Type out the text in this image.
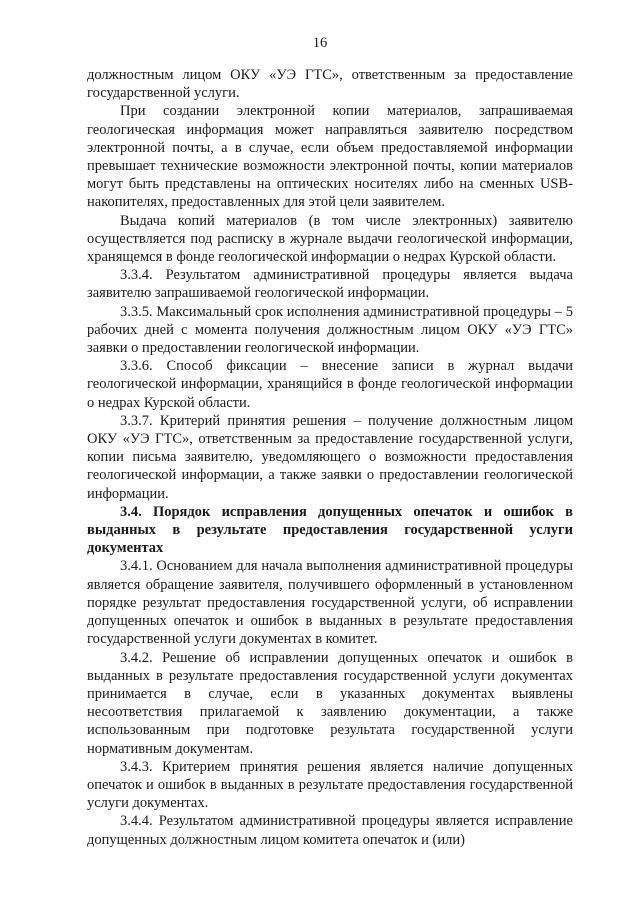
16

должностным лицом ОКУ «УЭ ГТС», ответственным за предоставление государственной услуги.

При создании электронной копии материалов, запрашиваемая геологическая информация может направляться заявителю посредством электронной почты, а в случае, если объем предоставляемой информации превышает технические возможности электронной почты, копии материалов могут быть представлены на оптических носителях либо на сменных USB-накопителях, предоставленных для этой цели заявителем.

Выдача копий материалов (в том числе электронных) заявителю осуществляется под расписку в журнале выдачи геологической информации, хранящемся в фонде геологической информации о недрах Курской области.

3.3.4. Результатом административной процедуры является выдача заявителю запрашиваемой геологической информации.

3.3.5. Максимальный срок исполнения административной процедуры – 5 рабочих дней с момента получения должностным лицом ОКУ «УЭ ГТС» заявки о предоставлении геологической информации.

3.3.6. Способ фиксации – внесение записи в журнал выдачи геологической информации, хранящийся в фонде геологической информации о недрах Курской области.

3.3.7. Критерий принятия решения – получение должностным лицом ОКУ «УЭ ГТС», ответственным за предоставление государственной услуги, копии письма заявителю, уведомляющего о возможности предоставления геологической информации, а также заявки о предоставлении геологической информации.

3.4. Порядок исправления допущенных опечаток и ошибок в выданных в результате предоставления государственной услуги документах

3.4.1. Основанием для начала выполнения административной процедуры является обращение заявителя, получившего оформленный в установленном порядке результат предоставления государственной услуги, об исправлении допущенных опечаток и ошибок в выданных в результате предоставления государственной услуги документах в комитет.

3.4.2. Решение об исправлении допущенных опечаток и ошибок в выданных в результате предоставления государственной услуги документах принимается в случае, если в указанных документах выявлены несоответствия прилагаемой к заявлению документации, а также использованным при подготовке результата государственной услуги нормативным документам.

3.4.3. Критерием принятия решения является наличие допущенных опечаток и ошибок в выданных в результате предоставления государственной услуги документах.

3.4.4. Результатом административной процедуры является исправление допущенных должностным лицом комитета опечаток и (или)
